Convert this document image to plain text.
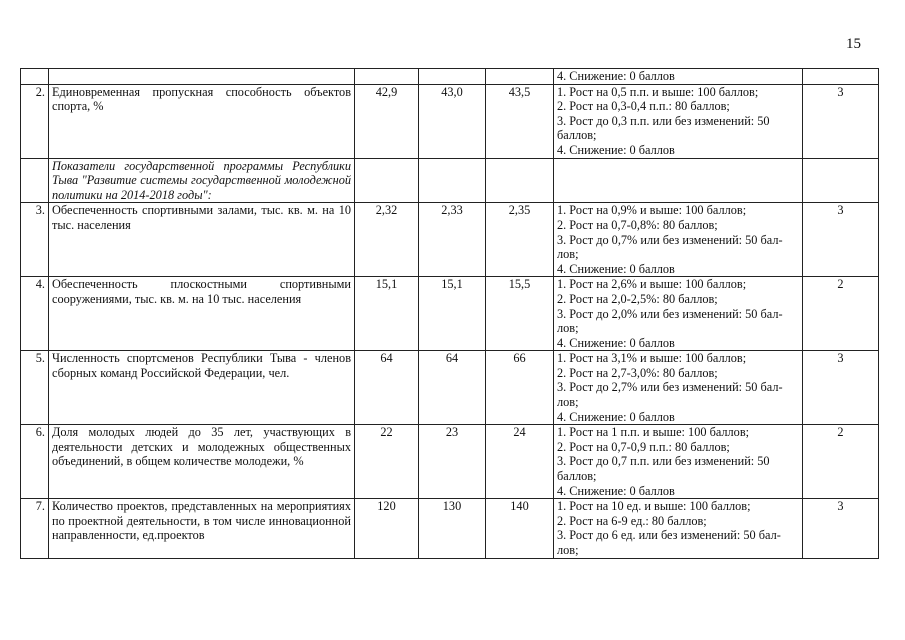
15

					4. Снижение: 0 баллов	

2.	Единовременная пропускная способность объектов спорта, %	42,9	43,0	43,5	1. Рост на 0,5 п.п. и выше: 100 баллов;
2. Рост на 0,3-0,4 п.п.: 80 баллов;
3. Рост до 0,3 п.п. или без изменений: 50
баллов;
4. Снижение: 0 баллов	3
	Показатели государственной программы Республики Тыва "Развитие системы государственной молодежной политики на 2014-2018 годы":					
3.	Обеспеченность спортивными залами, тыс. кв. м. на 10 тыс. населения	2,32	2,33	2,35	1. Рост на 0,9% и выше: 100 баллов;
2. Рост на 0,7-0,8%: 80 баллов;
3. Рост до 0,7% или без изменений: 50 бал-
лов;
4. Снижение: 0 баллов	3
4.	Обеспеченность плоскостными спортивными сооружениями, тыс. кв. м. на 10 тыс. населения	15,1	15,1	15,5	1. Рост на 2,6% и выше: 100 баллов;
2. Рост на 2,0-2,5%: 80 баллов;
3. Рост до 2,0% или без изменений: 50 бал-
лов;
4. Снижение: 0 баллов	2
5.	Численность спортсменов Республики Тыва - членов сборных команд Российской Федерации, чел.	64	64	66	1. Рост на 3,1% и выше: 100 баллов;
2. Рост на 2,7-3,0%: 80 баллов;
3. Рост до 2,7% или без изменений: 50 бал-
лов;
4. Снижение: 0 баллов	3
6.	Доля молодых людей до 35 лет, участвующих в деятельности детских и молодежных общественных объединений, в общем количестве молодежи, %	22	23	24	1. Рост на 1 п.п. и выше: 100 баллов;
2. Рост на 0,7-0,9 п.п.: 80 баллов;
3. Рост до 0,7 п.п. или без изменений: 50
баллов;
4. Снижение: 0 баллов	2
7.	Количество проектов, представленных на мероприятиях по проектной деятельности, в том числе инновационной направленности, ед.проектов	120	130	140	1. Рост на 10 ед. и выше: 100 баллов;
2. Рост на 6-9 ед.: 80 баллов;
3. Рост до 6 ед. или без изменений: 50 бал-
лов;	3
